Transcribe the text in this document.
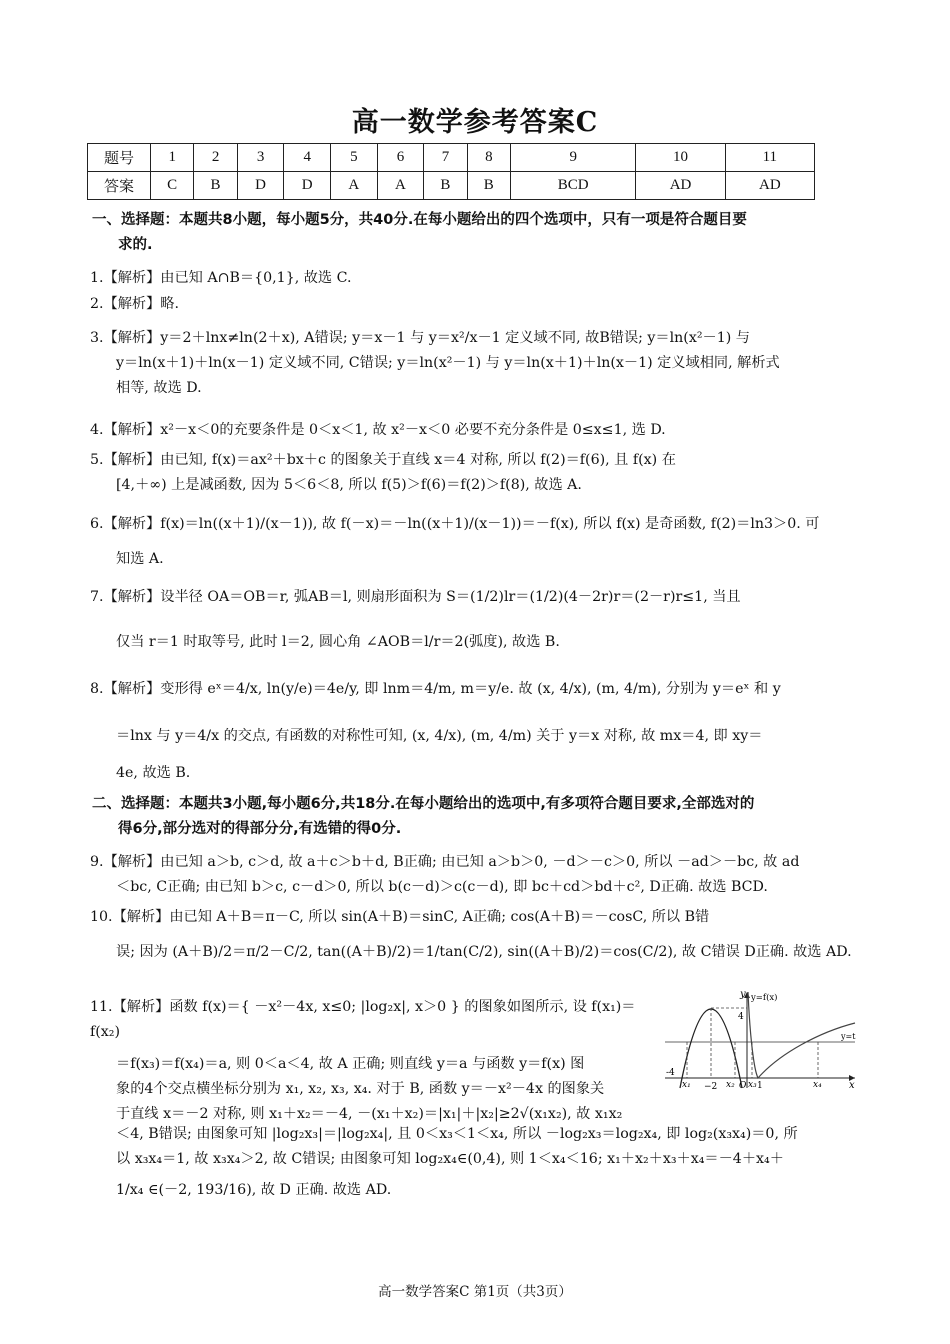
高一数学参考答案C
题号	1	2	3	4	5	6	7	8	9	10	11
答案	C	B	D	D	A	A	B	B	BCD	AD	AD
一、选择题：本题共8小题，每小题5分，共40分.在每小题给出的四个选项中，只有一项是符合题目要
求的.
1.【解析】由已知 A∩B＝{0,1}, 故选 C.
2.【解析】略.
3.【解析】y＝2＋lnx≠ln(2＋x), A错误; y＝x－1 与 y＝x²/x－1 定义域不同, 故B错误; y＝ln(x²－1) 与
y＝ln(x＋1)＋ln(x－1) 定义域不同, C错误; y＝ln(x²－1) 与 y＝ln(x＋1)＋ln(x－1) 定义域相同, 解析式
相等, 故选 D.
4.【解析】x²－x＜0的充要条件是 0＜x＜1, 故 x²－x＜0 必要不充分条件是 0≤x≤1, 选 D.
5.【解析】由已知, f(x)＝ax²＋bx＋c 的图象关于直线 x＝4 对称, 所以 f(2)＝f(6), 且 f(x) 在
[4,＋∞) 上是减函数, 因为 5＜6＜8, 所以 f(5)＞f(6)＝f(2)＞f(8), 故选 A.
6.【解析】f(x)＝ln((x＋1)/(x－1)), 故 f(－x)＝－ln((x＋1)/(x－1))＝－f(x), 所以 f(x) 是奇函数, f(2)＝ln3＞0. 可
知选 A.
7.【解析】设半径 OA＝OB＝r, 弧AB＝l, 则扇形面积为 S＝(1/2)lr＝(1/2)(4－2r)r＝(2－r)r≤1, 当且
仅当 r＝1 时取等号, 此时 l＝2, 圆心角 ∠AOB＝l/r＝2(弧度), 故选 B.
8.【解析】变形得 eˣ＝4/x, ln(y/e)＝4e/y, 即 lnm＝4/m, m＝y/e. 故 (x, 4/x), (m, 4/m), 分别为 y＝eˣ 和 y
＝lnx 与 y＝4/x 的交点, 有函数的对称性可知, (x, 4/x), (m, 4/m) 关于 y＝x 对称, 故 mx＝4, 即 xy＝
4e, 故选 B.
二、选择题：本题共3小题,每小题6分,共18分.在每小题给出的选项中,有多项符合题目要求,全部选对的
得6分,部分选对的得部分分,有选错的得0分.
9.【解析】由已知 a＞b, c＞d, 故 a＋c＞b＋d, B正确; 由已知 a＞b＞0, －d＞－c＞0, 所以 －ad＞－bc, 故 ad
＜bc, C正确; 由已知 b＞c, c－d＞0, 所以 b(c－d)＞c(c－d), 即 bc＋cd＞bd＋c², D正确. 故选 BCD.
10.【解析】由已知 A＋B＝π－C, 所以 sin(A＋B)＝sinC, A正确; cos(A＋B)＝－cosC, 所以 B错
误; 因为 (A＋B)/2＝π/2－C/2, tan((A＋B)/2)＝1/tan(C/2), sin((A＋B)/2)＝cos(C/2), 故 C错误 D正确. 故选 AD.
11.【解析】函数 f(x)＝{ －x²－4x, x≤0; |log₂x|, x＞0 } 的图象如图所示, 设 f(x₁)＝f(x₂)
＝f(x₃)＝f(x₄)＝a, 则 0＜a＜4, 故 A 正确; 则直线 y＝a 与函数 y＝f(x) 图
象的4个交点横坐标分别为 x₁, x₂, x₃, x₄. 对于 B, 函数 y＝－x²－4x 的图象关
于直线 x＝－2 对称, 则 x₁＋x₂＝－4, －(x₁＋x₂)＝|x₁|＋|x₂|≥2√(x₁x₂), 故 x₁x₂
＜4, B错误; 由图象可知 |log₂x₃|＝|log₂x₄|, 且 0＜x₃＜1＜x₄, 所以 －log₂x₃＝log₂x₄, 即 log₂(x₃x₄)＝0, 所
以 x₃x₄＝1, 故 x₃x₄＞2, 故 C错误; 由图象可知 log₂x₄∈(0,4), 则 1＜x₄＜16; x₁＋x₂＋x₃＋x₄＝－4＋x₄＋
1/x₄ ∈(－2, 193/16), 故 D 正确. 故选 AD.
y
x
y=f(x)
y=t
4
-4
x₁ −2 x₂ O x₃ 1	x₄
高一数学答案C 第1页（共3页）
